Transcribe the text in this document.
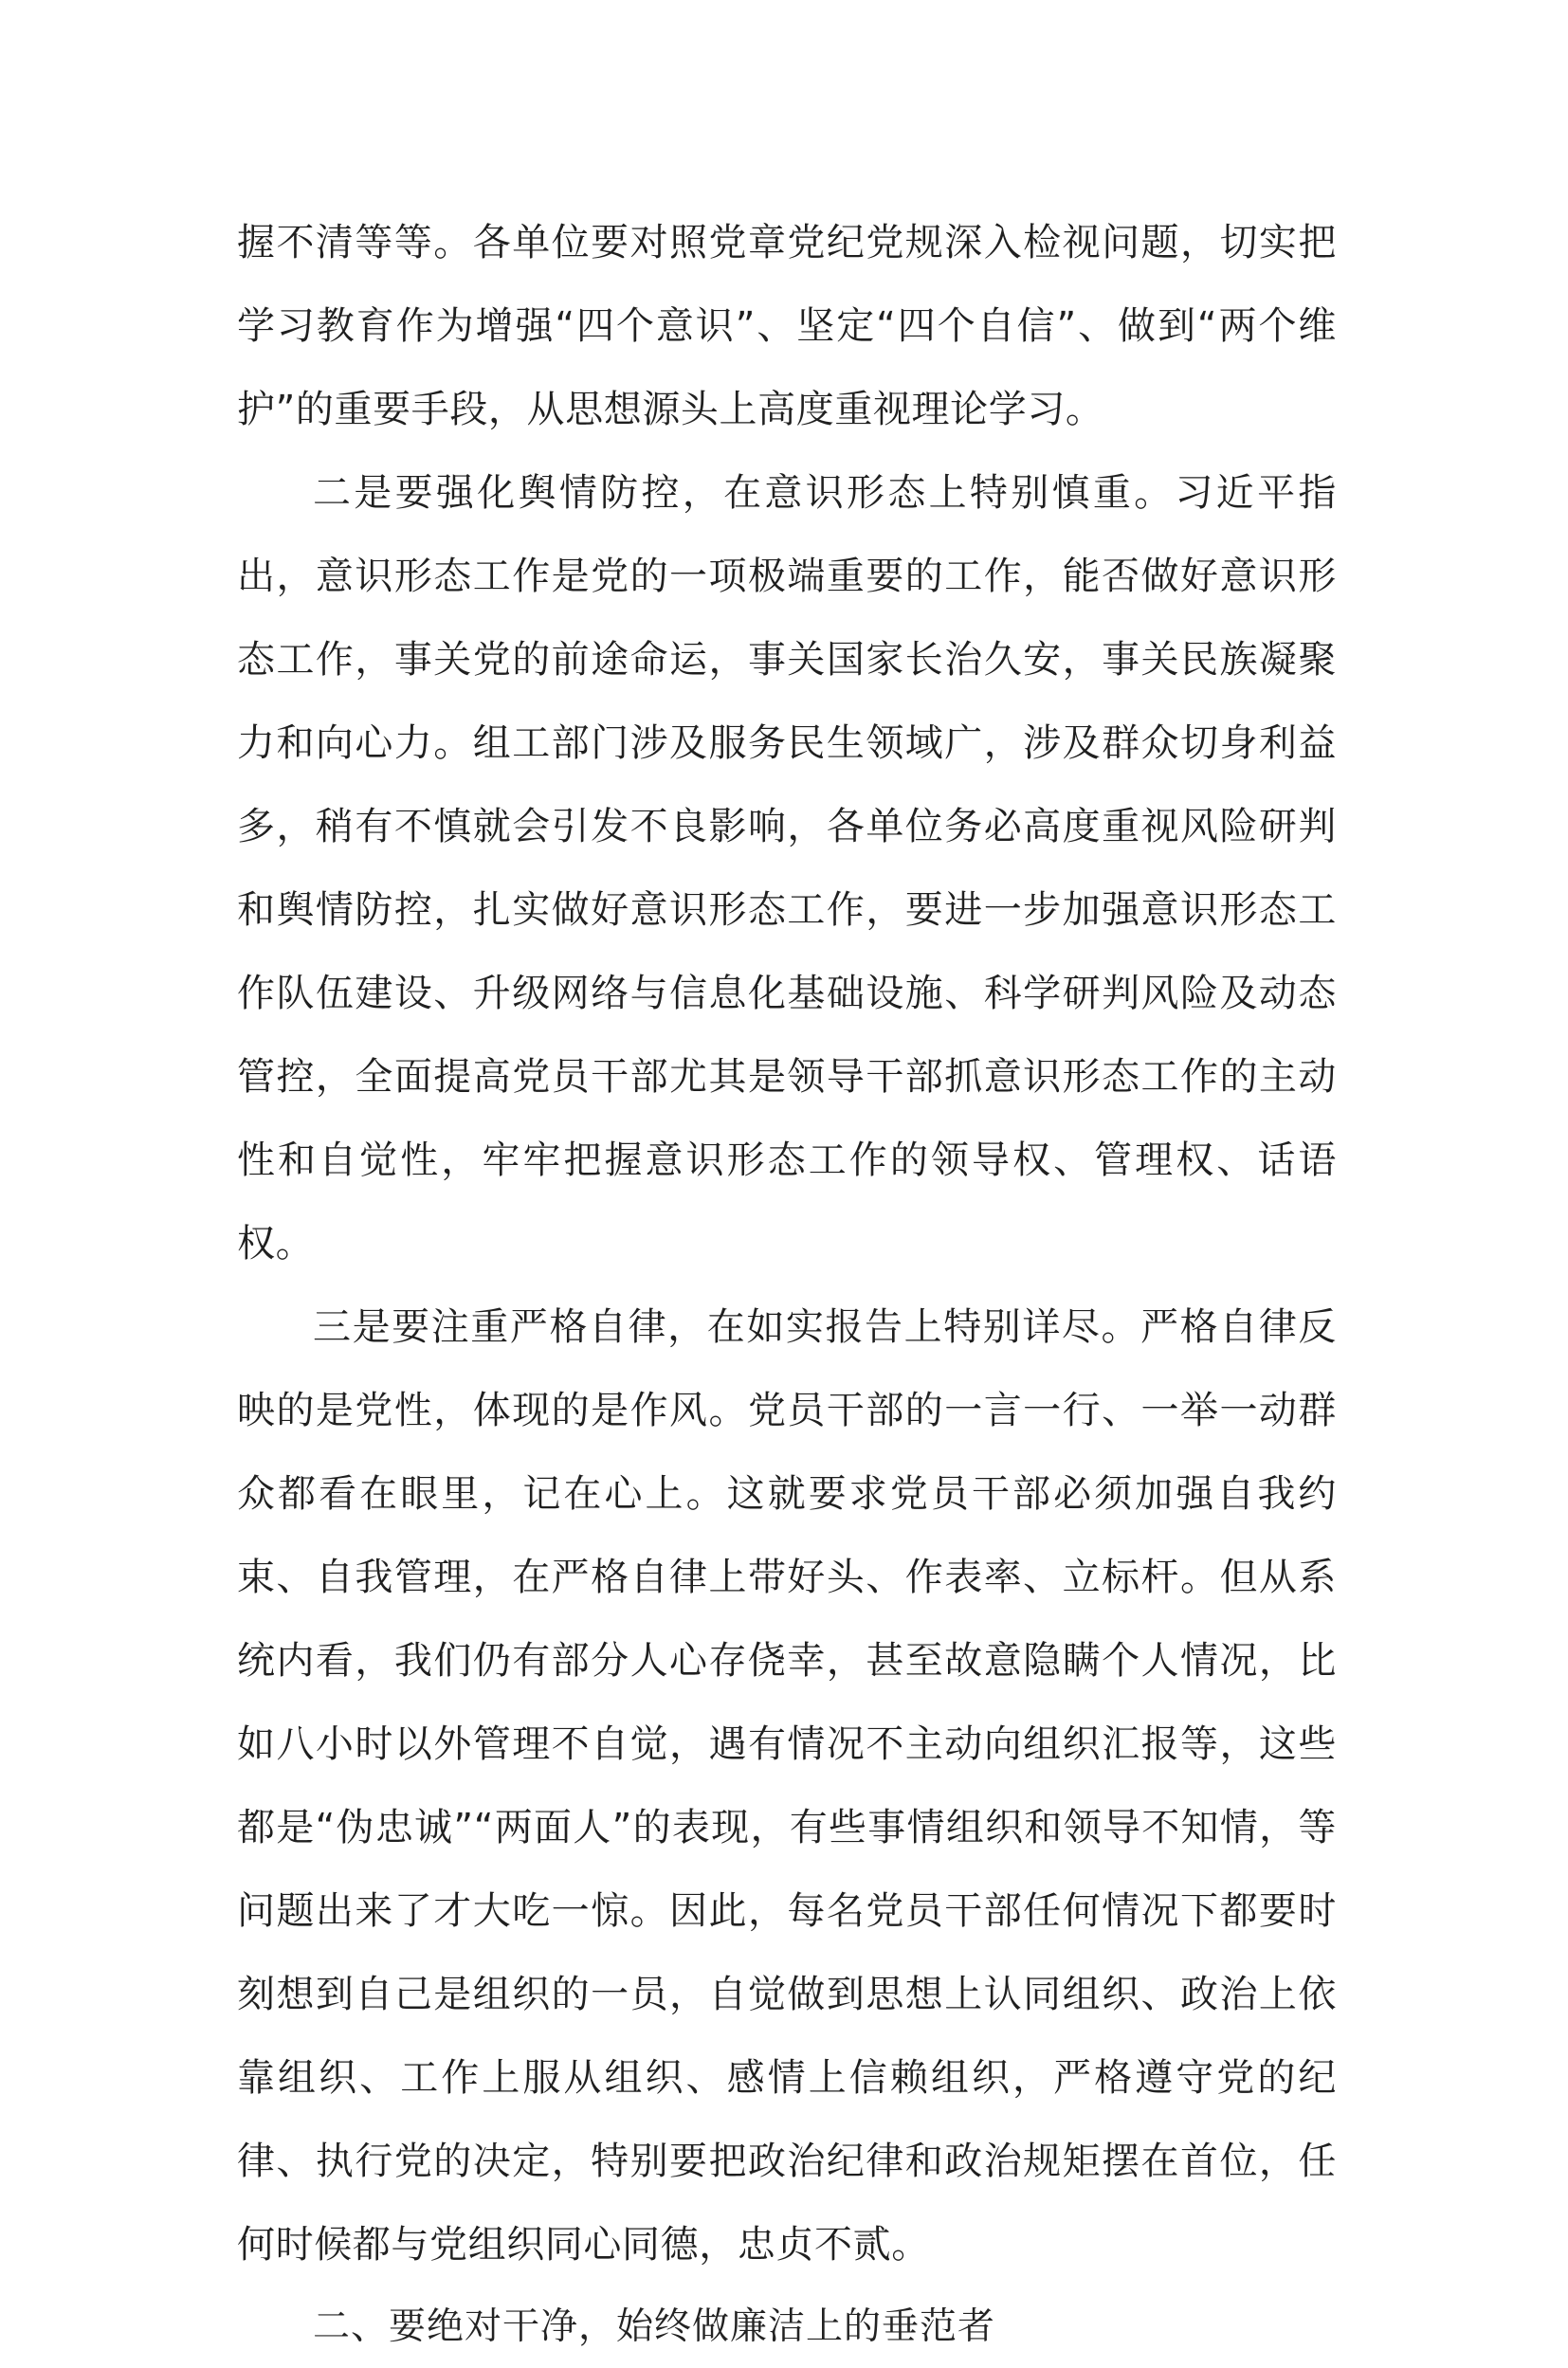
握不清等等。各单位要对照党章党纪党规深入检视问题，切实把学习教育作为增强“四个意识”、坚定“四个自信”、做到“两个维护”的重要手段，从思想源头上高度重视理论学习。

二是要强化舆情防控，在意识形态上特别慎重。习近平指出，意识形态工作是党的一项极端重要的工作，能否做好意识形态工作，事关党的前途命运，事关国家长治久安，事关民族凝聚力和向心力。组工部门涉及服务民生领域广，涉及群众切身利益多，稍有不慎就会引发不良影响，各单位务必高度重视风险研判和舆情防控，扎实做好意识形态工作，要进一步加强意识形态工作队伍建设、升级网络与信息化基础设施、科学研判风险及动态管控，全面提高党员干部尤其是领导干部抓意识形态工作的主动性和自觉性，牢牢把握意识形态工作的领导权、管理权、话语权。

三是要注重严格自律，在如实报告上特别详尽。严格自律反映的是党性，体现的是作风。党员干部的一言一行、一举一动群众都看在眼里，记在心上。这就要求党员干部必须加强自我约束、自我管理，在严格自律上带好头、作表率、立标杆。但从系统内看，我们仍有部分人心存侥幸，甚至故意隐瞒个人情况，比如八小时以外管理不自觉，遇有情况不主动向组织汇报等，这些都是“伪忠诚”“两面人”的表现，有些事情组织和领导不知情，等问题出来了才大吃一惊。因此，每名党员干部任何情况下都要时刻想到自己是组织的一员，自觉做到思想上认同组织、政治上依靠组织、工作上服从组织、感情上信赖组织，严格遵守党的纪律、执行党的决定，特别要把政治纪律和政治规矩摆在首位，任何时候都与党组织同心同德，忠贞不贰。

二、要绝对干净，始终做廉洁上的垂范者
